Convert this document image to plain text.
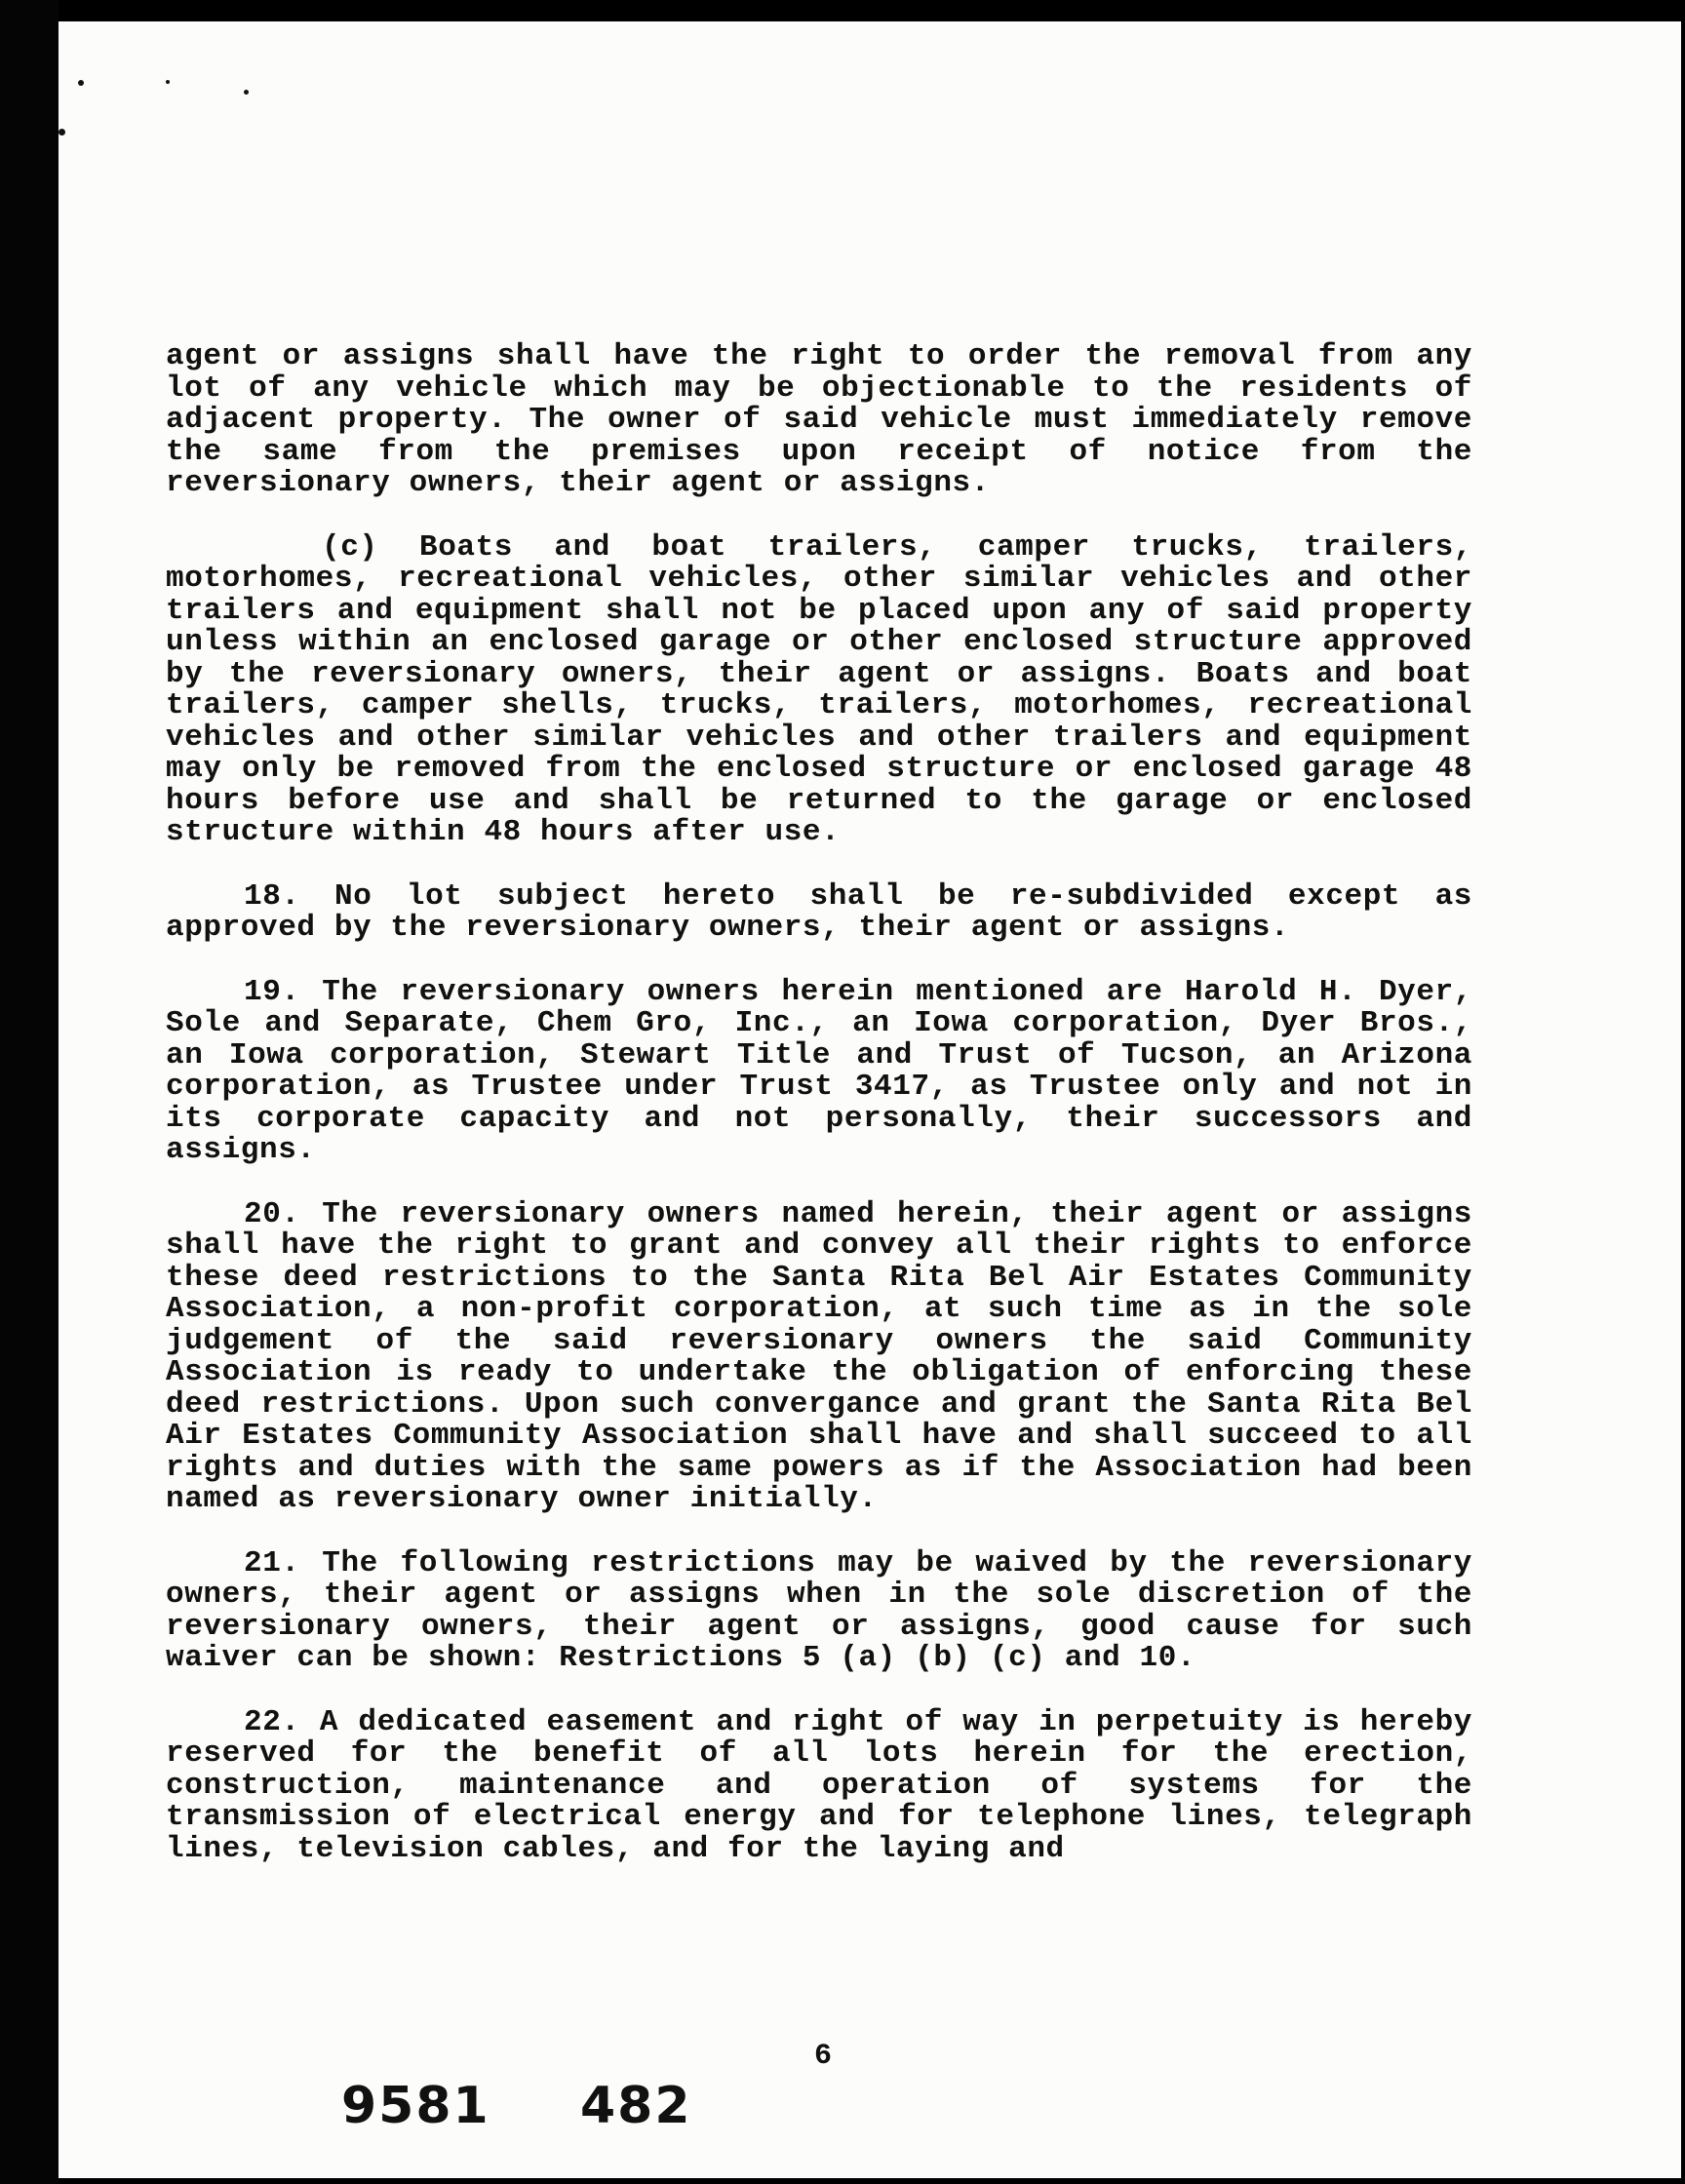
agent or assigns shall have the right to order the removal from any lot of any vehicle which may be objectionable to the residents of adjacent property. The owner of said vehicle must immediately remove the same from the premises upon receipt of notice from the reversionary owners, their agent or assigns.

(c) Boats and boat trailers, camper trucks, trailers, motorhomes, recreational vehicles, other similar vehicles and other trailers and equipment shall not be placed upon any of said property unless within an enclosed garage or other enclosed structure approved by the reversionary owners, their agent or assigns. Boats and boat trailers, camper shells, trucks, trailers, motorhomes, recreational vehicles and other similar vehicles and other trailers and equipment may only be removed from the enclosed structure or enclosed garage 48 hours before use and shall be returned to the garage or enclosed structure within 48 hours after use.

18. No lot subject hereto shall be re-subdivided except as approved by the reversionary owners, their agent or assigns.

19. The reversionary owners herein mentioned are Harold H. Dyer, Sole and Separate, Chem Gro, Inc., an Iowa corporation, Dyer Bros., an Iowa corporation, Stewart Title and Trust of Tucson, an Arizona corporation, as Trustee under Trust 3417, as Trustee only and not in its corporate capacity and not personally, their successors and assigns.

20. The reversionary owners named herein, their agent or assigns shall have the right to grant and convey all their rights to enforce these deed restrictions to the Santa Rita Bel Air Estates Community Association, a non-profit corporation, at such time as in the sole judgement of the said reversionary owners the said Community Association is ready to undertake the obligation of enforcing these deed restrictions. Upon such convergance and grant the Santa Rita Bel Air Estates Community Association shall have and shall succeed to all rights and duties with the same powers as if the Association had been named as reversionary owner initially.

21. The following restrictions may be waived by the reversionary owners, their agent or assigns when in the sole discretion of the reversionary owners, their agent or assigns, good cause for such waiver can be shown: Restrictions 5 (a) (b) (c) and 10.

22. A dedicated easement and right of way in perpetuity is hereby reserved for the benefit of all lots herein for the erection, construction, maintenance and operation of systems for the transmission of electrical energy and for telephone lines, telegraph lines, television cables, and for the laying and

6
9581 482
